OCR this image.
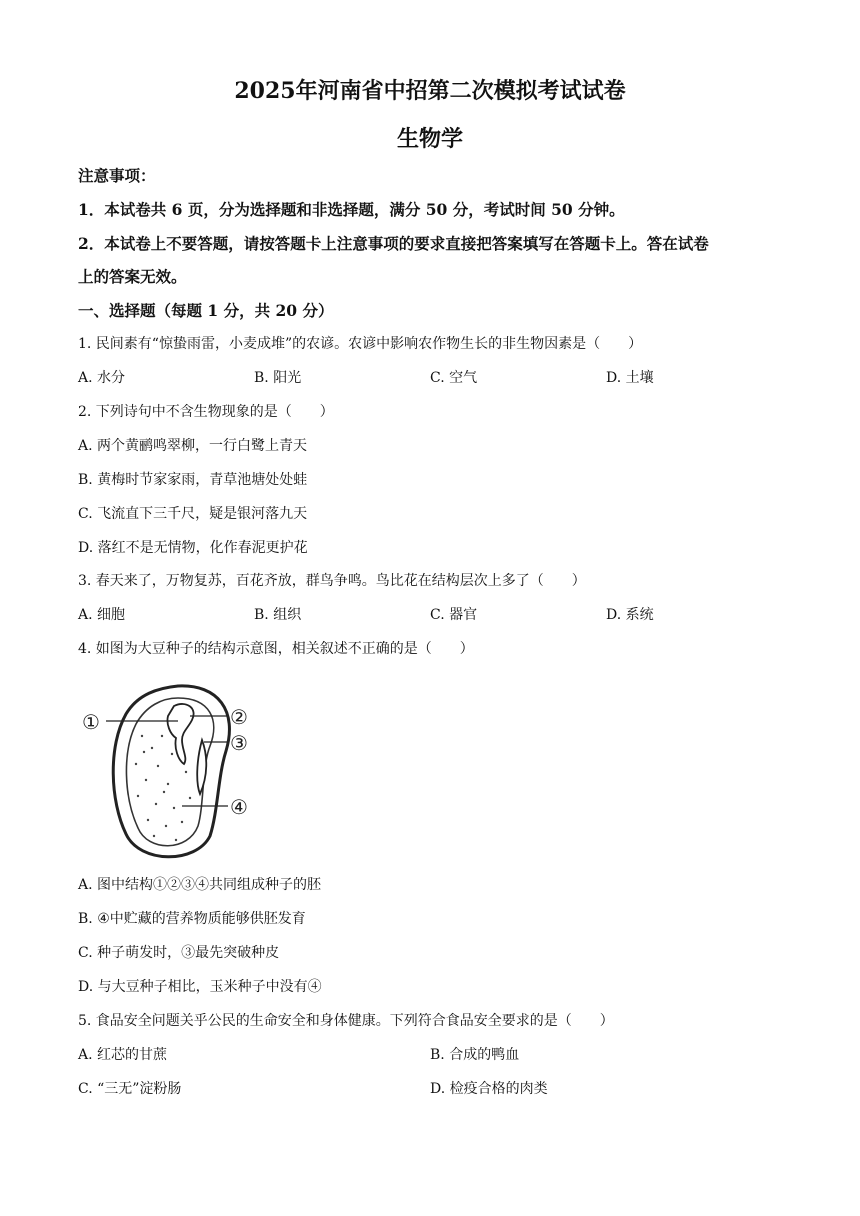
2025年河南省中招第二次模拟考试试卷
生物学
注意事项：
1．本试卷共 6 页，分为选择题和非选择题，满分 50 分，考试时间 50 分钟。
2．本试卷上不要答题，请按答题卡上注意事项的要求直接把答案填写在答题卡上。答在试卷
上的答案无效。
一、选择题（每题 1 分，共 20 分）
1. 民间素有“惊蛰雨雷，小麦成堆”的农谚。农谚中影响农作物生长的非生物因素是（　　）
A. 水分	B. 阳光	C. 空气	D. 土壤
2. 下列诗句中不含生物现象的是（　　）
A. 两个黄鹂鸣翠柳，一行白鹭上青天
B. 黄梅时节家家雨，青草池塘处处蛙
C. 飞流直下三千尺，疑是银河落九天
D. 落红不是无情物，化作春泥更护花
3. 春天来了，万物复苏，百花齐放，群鸟争鸣。鸟比花在结构层次上多了（　　）
A. 细胞	B. 组织	C. 器官	D. 系统
4. 如图为大豆种子的结构示意图，相关叙述不正确的是（　　）
①	②
③
④
A. 图中结构①②③④共同组成种子的胚
B. ④中贮藏的营养物质能够供胚发育
C. 种子萌发时，③最先突破种皮
D. 与大豆种子相比，玉米种子中没有④
5. 食品安全问题关乎公民的生命安全和身体健康。下列符合食品安全要求的是（　　）
A. 红芯的甘蔗	B. 合成的鸭血
C. “三无”淀粉肠	D. 检疫合格的肉类
